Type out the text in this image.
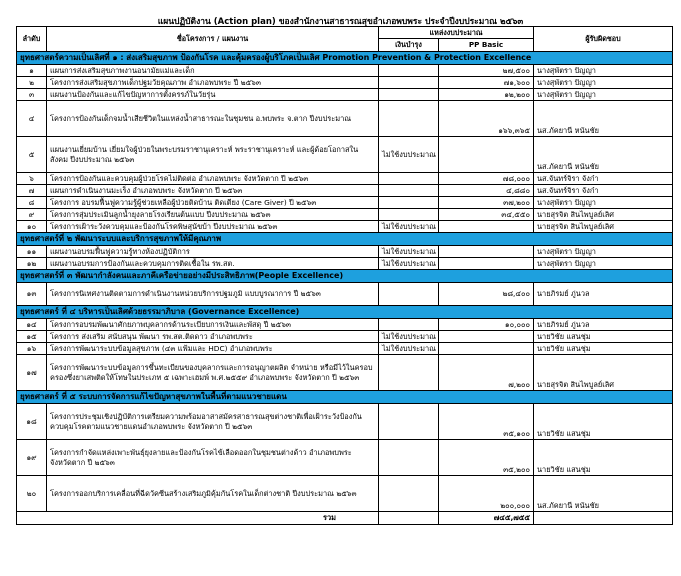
แผนปฏิบัติงาน (Action plan) ของสำนักงานสาธารณสุขอำเภอพบพระ ประจำปีงบประมาณ ๒๕๖๓
ลำดับ	ชื่อโครงการ / แผนงาน	แหล่งงบประมาณ		ผู้รับผิดชอบ
		เงินบำรุง	PP Basic	
ยุทธศาสตร์ความเป็นเลิศที่ ๑ : ส่งเสริมสุขภาพ ป้องกันโรค และคุ้มครองผู้บริโภคเป็นเลิศ Promotion Prevention & Protection Excellence				
๑	แผนการส่งเสริมสุขภาพงานอนามัยแม่และเด็ก		๒๗,๕๐๐	นางสุพัตรา ปัญญา
๒	โครงการส่งเสริมสุขภาพเด็กปฐมวัยคุณภาพ อำเภอพบพระ ปี ๒๕๖๓		๗๑,๖๐๐	นางสุพัตรา ปัญญา
๓	แผนงานป้องกันและแก้ไขปัญหาการตั้งครรภ์ในวัยรุ่น		๑๒,๒๐๐	นางสุพัตรา ปัญญา
๔	โครงการป้องกันเด็กจมน้ำเสียชีวิตในแหล่งน้ำสาธารณะในชุมชน อ.พบพระ จ.ตาก ปีงบประมาณ		๑๖๖,๓๖๕	นส.ภัคยานี หนันชัย
๕	แผนงานเยี่ยมบ้าน เยี่ยมใจผู้ป่วยในพระบรมราชานุเคราะห์ พระราชานุเคราะห์ และผู้ด้อยโอกาสในสังคม ปีงบประมาณ ๒๕๖๓	ไม่ใช้งบประมาณ		นส.ภัคยานี หนันชัย
๖	โครงการป้องกันและควบคุมผู้ป่วยโรคไม่ติดต่อ อำเภอพบพระ จังหวัดตาก ปี ๒๕๖๓		๗๘,๐๐๐	นส.จันทร์จิรา จังก๋า
๗	แผนการดำเนินงานมะเร็ง อำเภอพบพระ จังหวัดตาก ปี ๒๕๖๓		๔,๘๘๐	นส.จันทร์จิรา จังก๋า
๘	โครงการ อบรมฟื้นฟูความรู้ผู้ช่วยเหลือผู้ป่วยติดบ้าน ติดเตียง (Care Giver) ปี ๒๕๖๓		๓๗,๒๐๐	นางสุพัตรา ปัญญา
๙	โครงการสุ่มประเมินลูกน้ำยุงลายโรงเรียนต้นแบบ ปีงบประมาณ ๒๕๖๓		๓๔,๕๕๐	นายสุรจิต สินไพบูลย์เลิศ
๑๐	โครงการเฝ้าระวังควบคุมและป้องกันโรคพิษสุนัขบ้า ปีงบประมาณ ๒๕๖๓	ไม่ใช้งบประมาณ		นายสุรจิต สินไพบูลย์เลิศ
ยุทธศาสตร์ที่ ๒ พัฒนาระบบและบริการสุขภาพให้มีคุณภาพ				
๑๑	แผนงานอบรมฟื้นฟูความรู้ทางห้องปฏิบัติการ	ไม่ใช้งบประมาณ		นางสุพัตรา ปัญญา
๑๒	แผนงานอบรมการป้องกันและควบคุมการติดเชื้อใน รพ.สต.	ไม่ใช้งบประมาณ		นางสุพัตรา ปัญญา
ยุทธศาสตร์ที่ ๓ พัฒนากำลังคนและภาคีเครือข่ายอย่างมีประสิทธิภาพ(People Excellence)				
๑๓	โครงการนิเทศงานติดตามการดำเนินงานหน่วยบริการปฐมภูมิ แบบบูรณาการ ปี ๒๕๖๓		๒๘,๔๐๐	นายภิรมย์ ภู่นวล
ยุทธศาสตร์ ที่ ๔ บริหารเป็นเลิศด้วยธรรมาภิบาล (Governance Excellence)				
๑๔	โครงการอบรมพัฒนาศักยภาพบุคลากรด้านระเบียบการเงินและพัสดุ ปี ๒๕๖๓		๑๐,๐๐๐	นายภิรมย์ ภู่นวล
๑๕	โครงการ ส่งเสริม สนับสนุน พัฒนา รพ.สต.ติดดาว อำเภอพบพระ	ไม่ใช้งบประมาณ		นายวิชัย แสนชุ่ม
๑๖	โครงการพัฒนาระบบข้อมูลสุขภาพ (๔๓ แฟ้มและ HDC) อำเภอพบพระ	ไม่ใช้งบประมาณ		นายวิชัย แสนชุ่ม
๑๗	โครงการพัฒนาระบบข้อมูลการขึ้นทะเบียนของบุคลากรและการอนุญาตผลิต จำหน่าย หรือมีไว้ในครอบครองซึ่งยาเสพติดให้โทษในประเภท ๕ เฉพาะเฮมพ์ พ.ศ.๒๕๕๙ อำเภอพบพระ จังหวัดตาก ปี ๒๕๖๓		๗,๒๐๐	นายสุรจิต สินไพบูลย์เลิศ
ยุทธศาสตร์ ที่ ๕ ระบบการจัดการแก้ไขปัญหาสุขภาพในพื้นที่ตามแนวชายแดน				
๑๘	โครงการประชุมเชิงปฏิบัติการเตรียมความพร้อมอาสาสมัครสาธารณสุขต่างชาติเพื่อเฝ้าระวังป้องกันควบคุมโรคตามแนวชายแดนอำเภอพบพระ จังหวัดตาก ปี ๒๕๖๓		๓๕,๑๐๐	นายวิชัย แสนชุ่ม
๑๙	โครงการกำจัดแหล่งเพาะพันธุ์ยุงลายและป้องกันโรคไข้เลือดออกในชุมชนต่างด้าว อำเภอพบพระ จังหวัดตาก ปี ๒๕๖๓		๓๕,๒๐๐	นายวิชัย แสนชุ่ม
๒๐	โครงการออกบริการเคลื่อนที่ฉีดวัคซีนสร้างเสริมภูมิคุ้มกันโรคในเด็กต่างชาติ ปีงบประมาณ ๒๕๖๓		๒๐๐,๐๐๐	นส.ภัคยานี หนันชัย
รวม			๗๔๕,๗๕๕	
